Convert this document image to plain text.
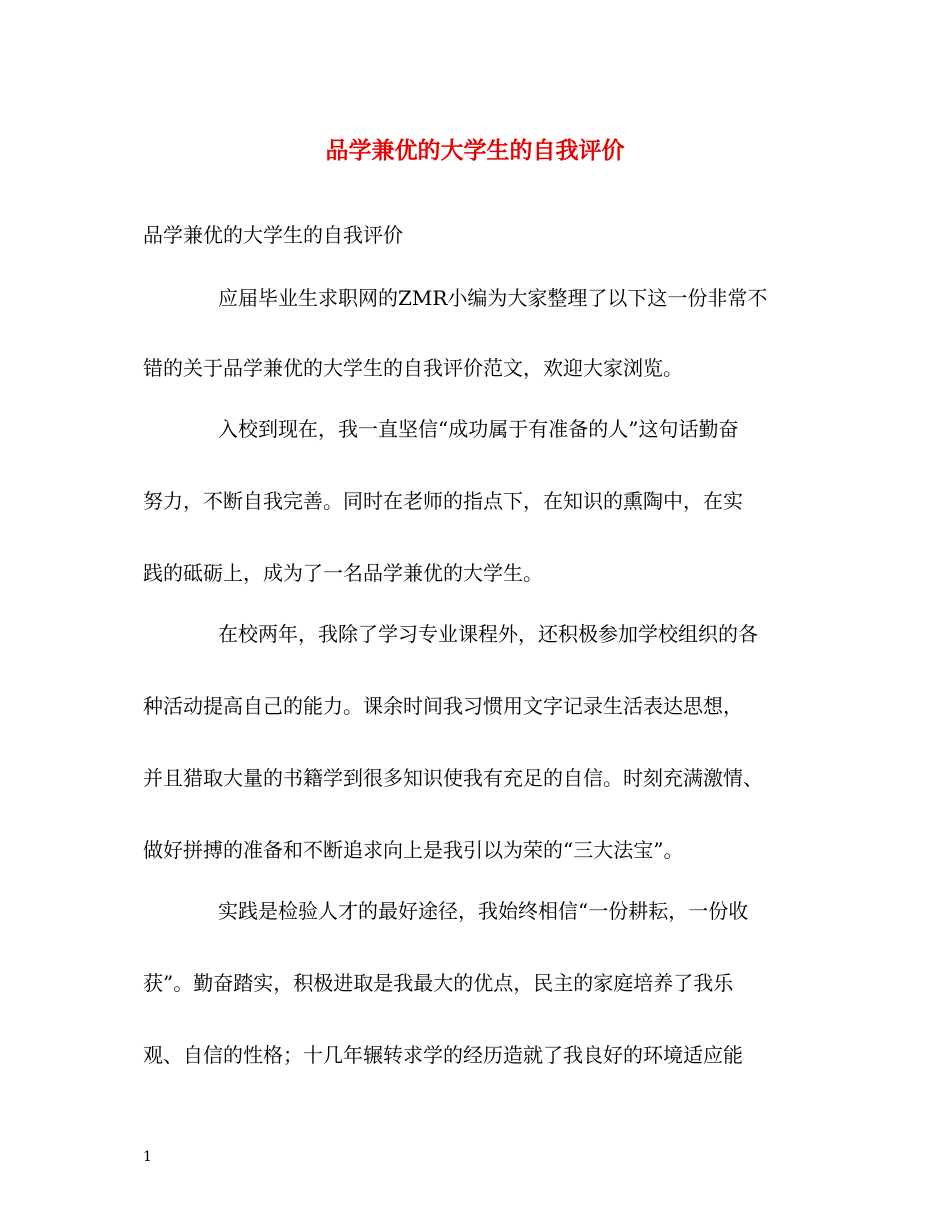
品学兼优的大学生的自我评价

品学兼优的大学生的自我评价

应届毕业生求职网的ZMR小编为大家整理了以下这一份非常不

错的关于品学兼优的大学生的自我评价范文，欢迎大家浏览。

入校到现在，我一直坚信“成功属于有准备的人”这句话勤奋

努力，不断自我完善。同时在老师的指点下，在知识的熏陶中，在实

践的砥砺上，成为了一名品学兼优的大学生。

在校两年，我除了学习专业课程外，还积极参加学校组织的各

种活动提高自己的能力。课余时间我习惯用文字记录生活表达思想，

并且猎取大量的书籍学到很多知识使我有充足的自信。时刻充满激情、

做好拼搏的准备和不断追求向上是我引以为荣的“三大法宝”。

实践是检验人才的最好途径，我始终相信“一份耕耘，一份收

获”。勤奋踏实，积极进取是我最大的优点，民主的家庭培养了我乐

观、自信的性格；十几年辗转求学的经历造就了我良好的环境适应能

1
